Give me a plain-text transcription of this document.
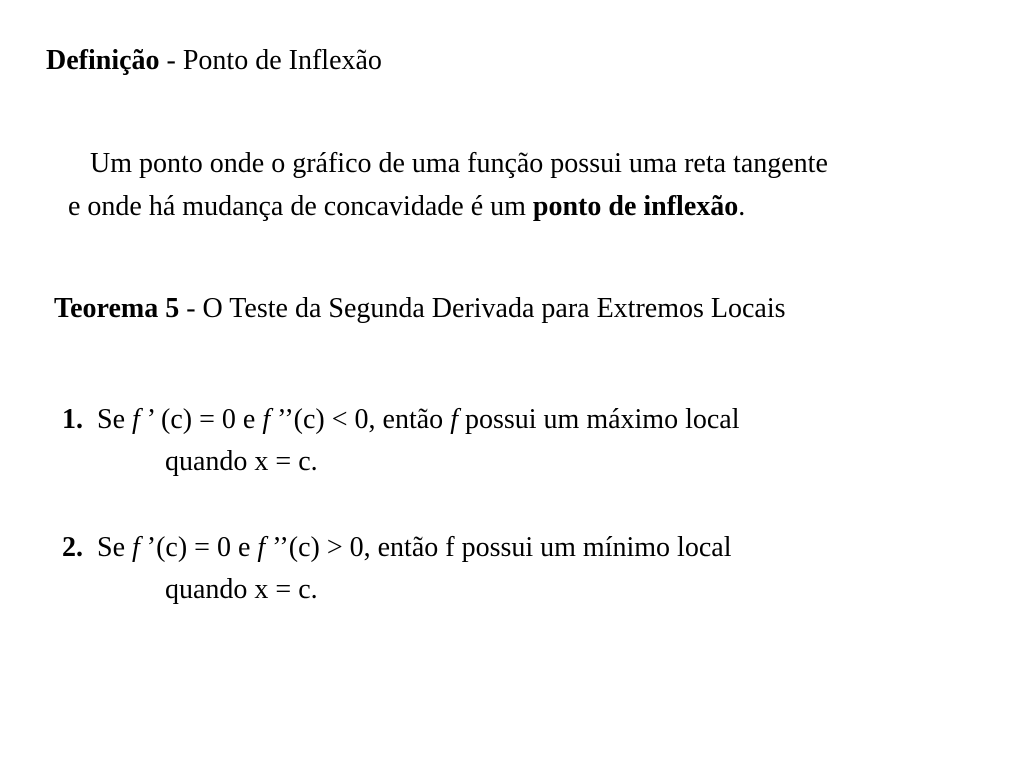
Definição - Ponto de Inflexão
Um ponto onde o gráfico de uma função possui uma reta tangente
e onde há mudança de concavidade é um ponto de inflexão.
Teorema 5 - O Teste da Segunda Derivada para Extremos Locais
1. Se f ’ (c) = 0 e f ’’(c) < 0, então f possui um máximo local
quando x = c.
2. Se f ’(c) = 0 e f ’’(c) > 0, então f possui um mínimo local
quando x = c.
